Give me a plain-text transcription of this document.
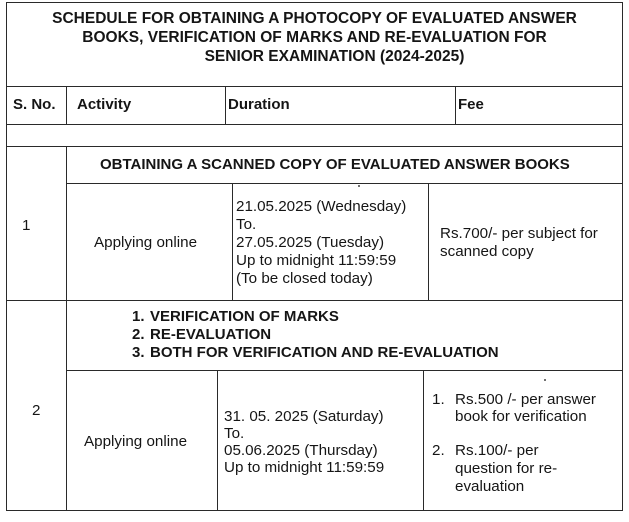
SCHEDULE FOR OBTAINING A PHOTOCOPY OF EVALUATED ANSWER
BOOKS, VERIFICATION OF MARKS AND RE-EVALUATION FOR
SENIOR EXAMINATION (2024-2025)
S. No. Activity	Duration	Fee
OBTAINING A SCANNED COPY OF EVALUATED ANSWER BOOKS
1
Applying online
21.05.2025 (Wednesday)
To.
27.05.2025 (Tuesday)
Up to midnight 11:59:59
(To be closed today)
Rs.700/- per subject for
scanned copy
1. VERIFICATION OF MARKS
2. RE-EVALUATION
3. BOTH FOR VERIFICATION AND RE-EVALUATION
2
Applying online
31. 05. 2025 (Saturday)
To.
05.06.2025 (Thursday)
Up to midnight 11:59:59
1. Rs.500 /- per answer
book for verification
2. Rs.100/- per
question for re-
evaluation
